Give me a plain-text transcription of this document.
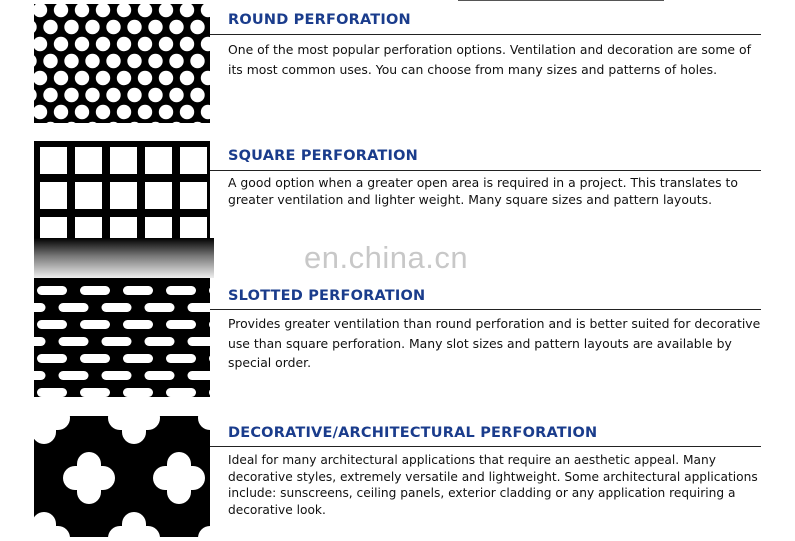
ROUND PERFORATION
One of the most popular perforation options. Ventilation and decoration are some of its most common uses. You can choose from many sizes and patterns of holes.
SQUARE PERFORATION
A good option when a greater open area is required in a project. This translates to greater ventilation and lighter weight. Many square sizes and pattern layouts.
en.china.cn
SLOTTED PERFORATION
Provides greater ventilation than round perforation and is better suited for decorative use than square perforation. Many slot sizes and pattern layouts are available by special order.
DECORATIVE/ARCHITECTURAL PERFORATION
Ideal for many architectural applications that require an aesthetic appeal. Many decorative styles, extremely versatile and lightweight. Some architectural applications include: sunscreens, ceiling panels, exterior cladding or any application requiring a decorative look.
